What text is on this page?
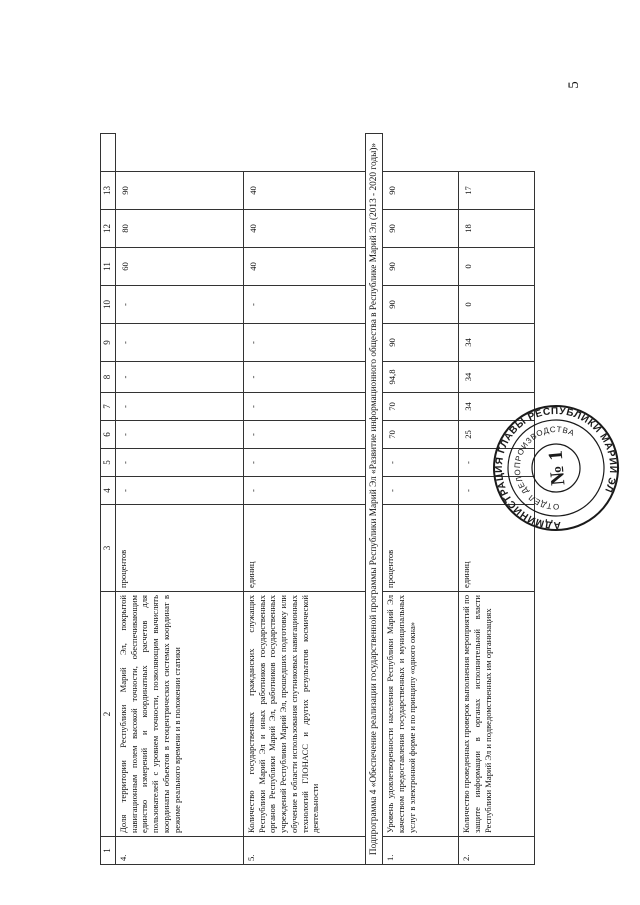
5
1	2	3	4	5	6	7	8	9	10	11	12	13	
4.	Доля территории Республики Марий Эл, покрытой навигационным полем высокой точности, обеспечивающим единство измерений и координатных расчетов для пользователей с уровнем точности, позволяющим вычислять координаты объектов в геоцентрических системах координат в режиме реального времени и в положении статики	процентов	-	-	-	-	-	-	-	60	80	90	
5.	Количество государственных гражданских служащих Республики Марий Эл и иных работников государственных органов Республики Марий Эл, работников государственных учреждений Республики Марий Эл, прошедших подготовку или обучение в области использования спутниковых навигационных технологий ГЛОНАСС и других результатов космической деятельности	единиц	-	-	-	-	-	-	-	40	40	40	
Подпрограмма 4 «Обеспечение реализации государственной программы Республики Марий Эл «Развитие информационного общества в Республике Марий Эл (2013 - 2020 годы)»													
1.	Уровень удовлетворенности населения Республики Марий Эл качеством предоставления государственных и муниципальных услуг в электронной форме и по принципу «одного окна»	процентов	-	-	70	70	94,8	90	90	90	90	90	
2.	Количество проведенных проверок выполнения мероприятий по защите информации в органах исполнительной власти Республики Марий Эл и подведомственных им организациях	единиц	-	-	25	34	34	34	0	0	18	17	
АДМИНИСТРАЦИЯ ГЛАВЫ РЕСПУБЛИКИ МАРИЙ ЭЛ
ОТДЕЛ ДЕЛОПРОИЗВОДСТВА
№ 1
